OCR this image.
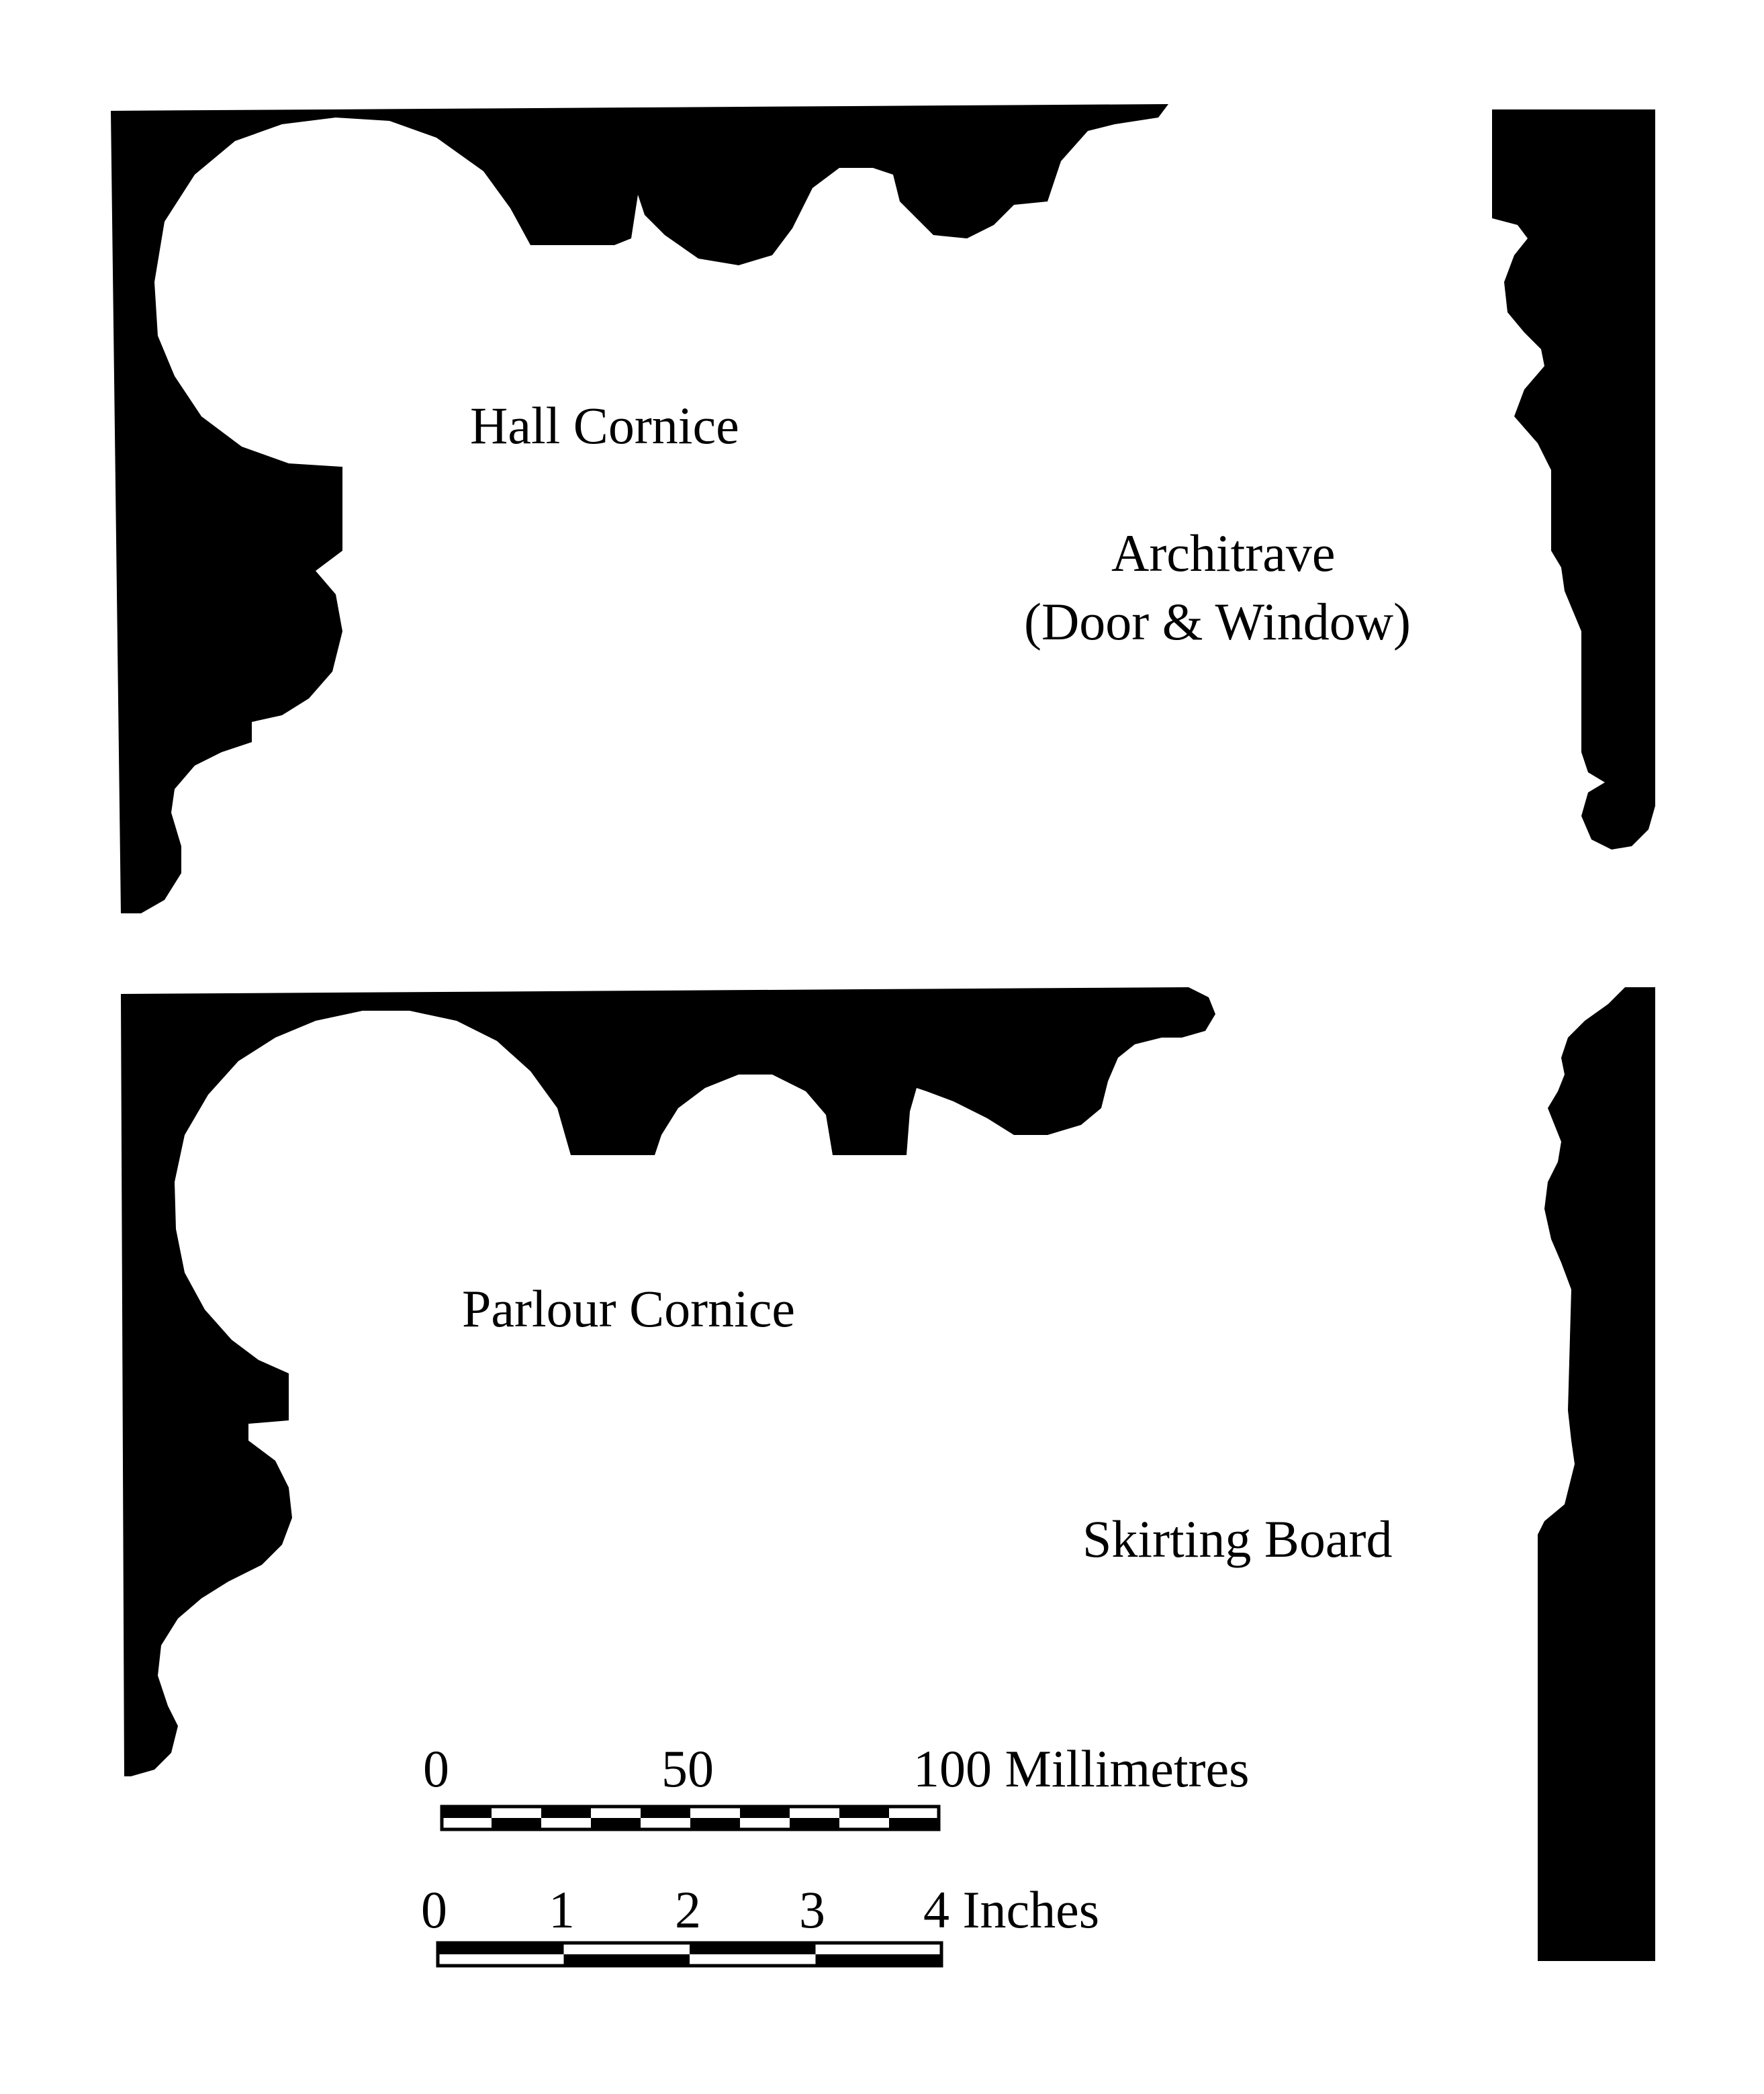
Hall Cornice
Architrave
(Door & Window)
Parlour Cornice
Skirting Board
0	50	100 Millimetres
0 1 2 3 4 Inches
